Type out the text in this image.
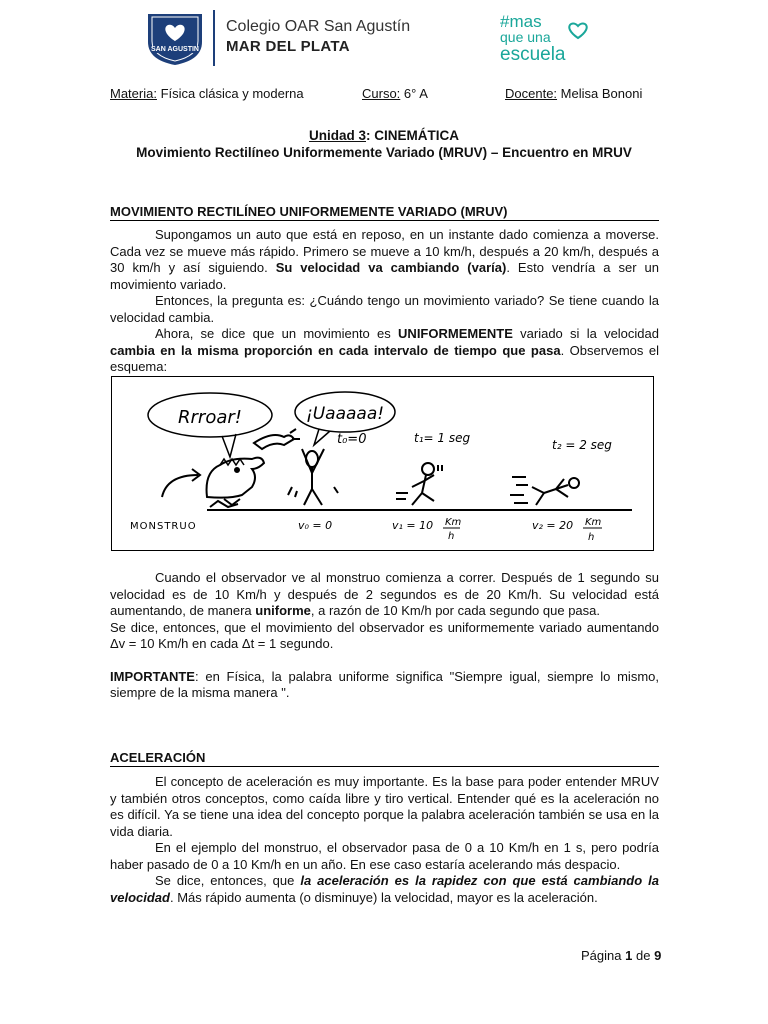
SAN AGUSTIN
Colegio OAR San Agustín
MAR DEL PLATA
#mas
que una
escuela
Materia: Física clásica y moderna	Curso: 6° A	Docente: Melisa Bononi
Unidad 3: CINEMÁTICA
Movimiento Rectilíneo Uniformemente Variado (MRUV) – Encuentro en MRUV
MOVIMIENTO RECTILÍNEO UNIFORMEMENTE VARIADO (MRUV)

Supongamos un auto que está en reposo, en un instante dado comienza a moverse. Cada vez se mueve más rápido. Primero se mueve a 10 km/h, después a 20 km/h, después a 30 km/h y así siguiendo. Su velocidad va cambiando (varía). Esto vendría a ser un movimiento variado.

Entonces, la pregunta es: ¿Cuándo tengo un movimiento variado? Se tiene cuando la velocidad cambia.

Ahora, se dice que un movimiento es UNIFORMEMENTE variado si la velocidad cambia en la misma proporción en cada intervalo de tiempo que pasa. Observemos el esquema:

Rrroar!	¡Uaaaaa!
t₀=0	t₁= 1 seg	t₂ = 2 seg
MONSTRUO	v₀ = 0	v₁ = 10 Km
h
v₂ = 20 Km
h

Cuando el observador ve al monstruo comienza a correr. Después de 1 segundo su velocidad es de 10 Km/h y después de 2 segundos es de 20 Km/h. Su velocidad está aumentando, de manera uniforme, a razón de 10 Km/h por cada segundo que pasa.

Se dice, entonces, que el movimiento del observador es uniformemente variado aumentando Δv = 10 Km/h en cada Δt = 1 segundo.

IMPORTANTE: en Física, la palabra uniforme significa "Siempre igual, siempre lo mismo, siempre de la misma manera ".

ACELERACIÓN

El concepto de aceleración es muy importante. Es la base para poder entender MRUV y también otros conceptos, como caída libre y tiro vertical. Entender qué es la aceleración no es difícil. Ya se tiene una idea del concepto porque la palabra aceleración también se usa en la vida diaria.

En el ejemplo del monstruo, el observador pasa de 0 a 10 Km/h en 1 s, pero podría haber pasado de 0 a 10 Km/h en un año. En ese caso estaría acelerando más despacio.

Se dice, entonces, que la aceleración es la rapidez con que está cambiando la velocidad. Más rápido aumenta (o disminuye) la velocidad, mayor es la aceleración.

Página 1 de 9
